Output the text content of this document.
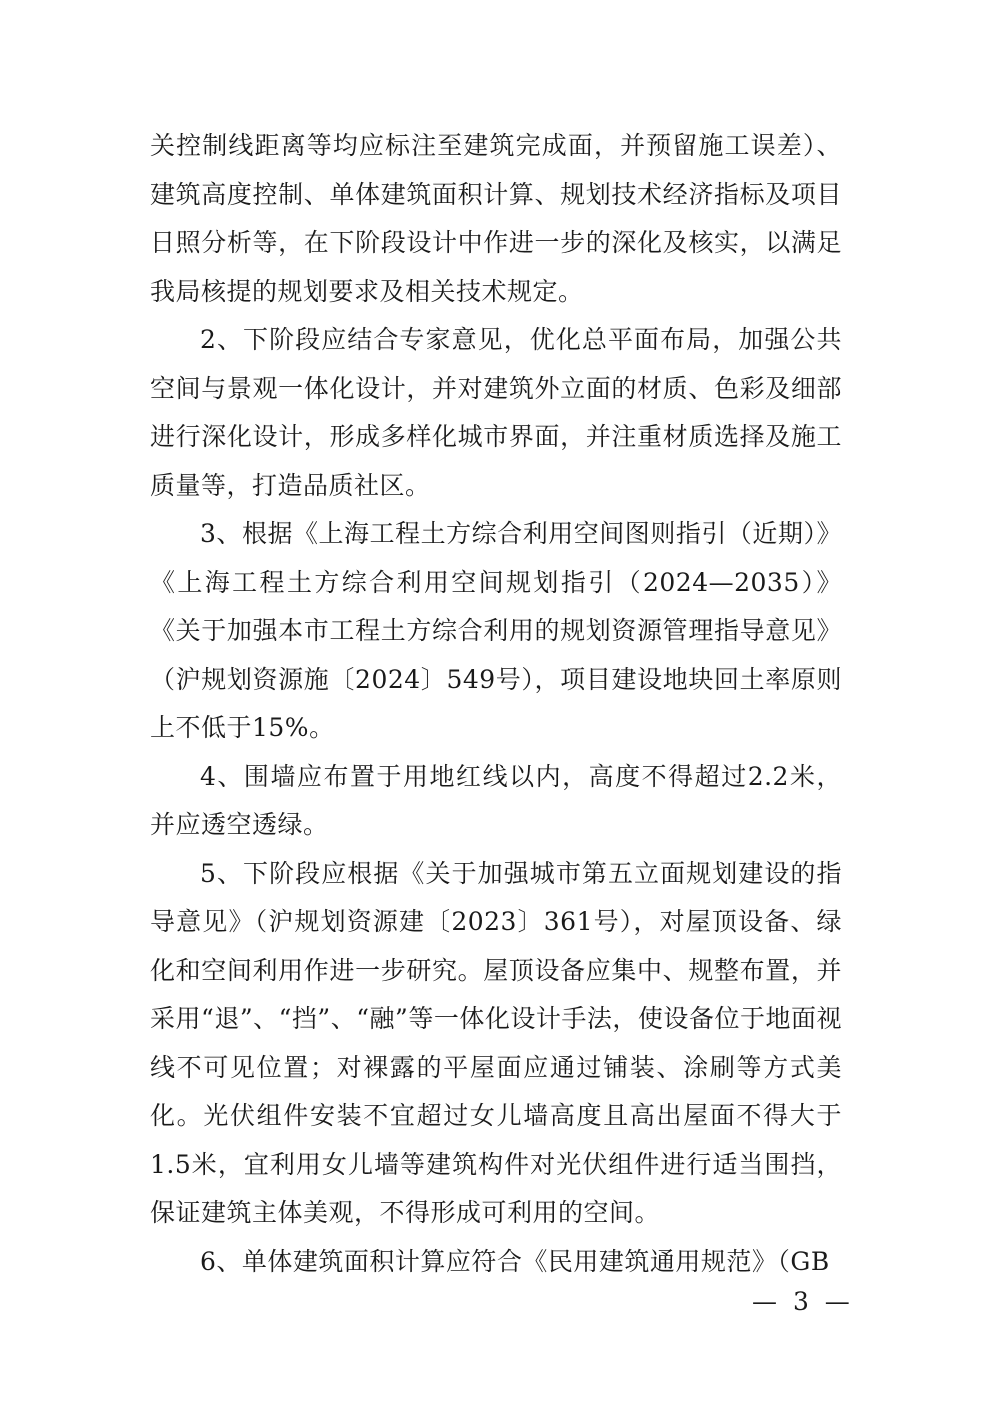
关控制线距离等均应标注至建筑完成面，并预留施工误差）、建筑高度控制、单体建筑面积计算、规划技术经济指标及项目日照分析等，在下阶段设计中作进一步的深化及核实，以满足我局核提的规划要求及相关技术规定。

2、下阶段应结合专家意见，优化总平面布局，加强公共空间与景观一体化设计，并对建筑外立面的材质、色彩及细部进行深化设计，形成多样化城市界面，并注重材质选择及施工质量等，打造品质社区。

3、根据《上海工程土方综合利用空间图则指引（近期）》《上海工程土方综合利用空间规划指引（2024—2035）》《关于加强本市工程土方综合利用的规划资源管理指导意见》（沪规划资源施〔2024〕549号），项目建设地块回土率原则上不低于15%。

4、围墙应布置于用地红线以内，高度不得超过2.2米，并应透空透绿。

5、下阶段应根据《关于加强城市第五立面规划建设的指导意见》（沪规划资源建〔2023〕361号），对屋顶设备、绿化和空间利用作进一步研究。屋顶设备应集中、规整布置，并采用“退”、“挡”、“融”等一体化设计手法，使设备位于地面视线不可见位置；对裸露的平屋面应通过铺装、涂刷等方式美化。光伏组件安装不宜超过女儿墙高度且高出屋面不得大于1.5米，宜利用女儿墙等建筑构件对光伏组件进行适当围挡，保证建筑主体美观，不得形成可利用的空间。

6、单体建筑面积计算应符合《民用建筑通用规范》（GB

— 3 —
